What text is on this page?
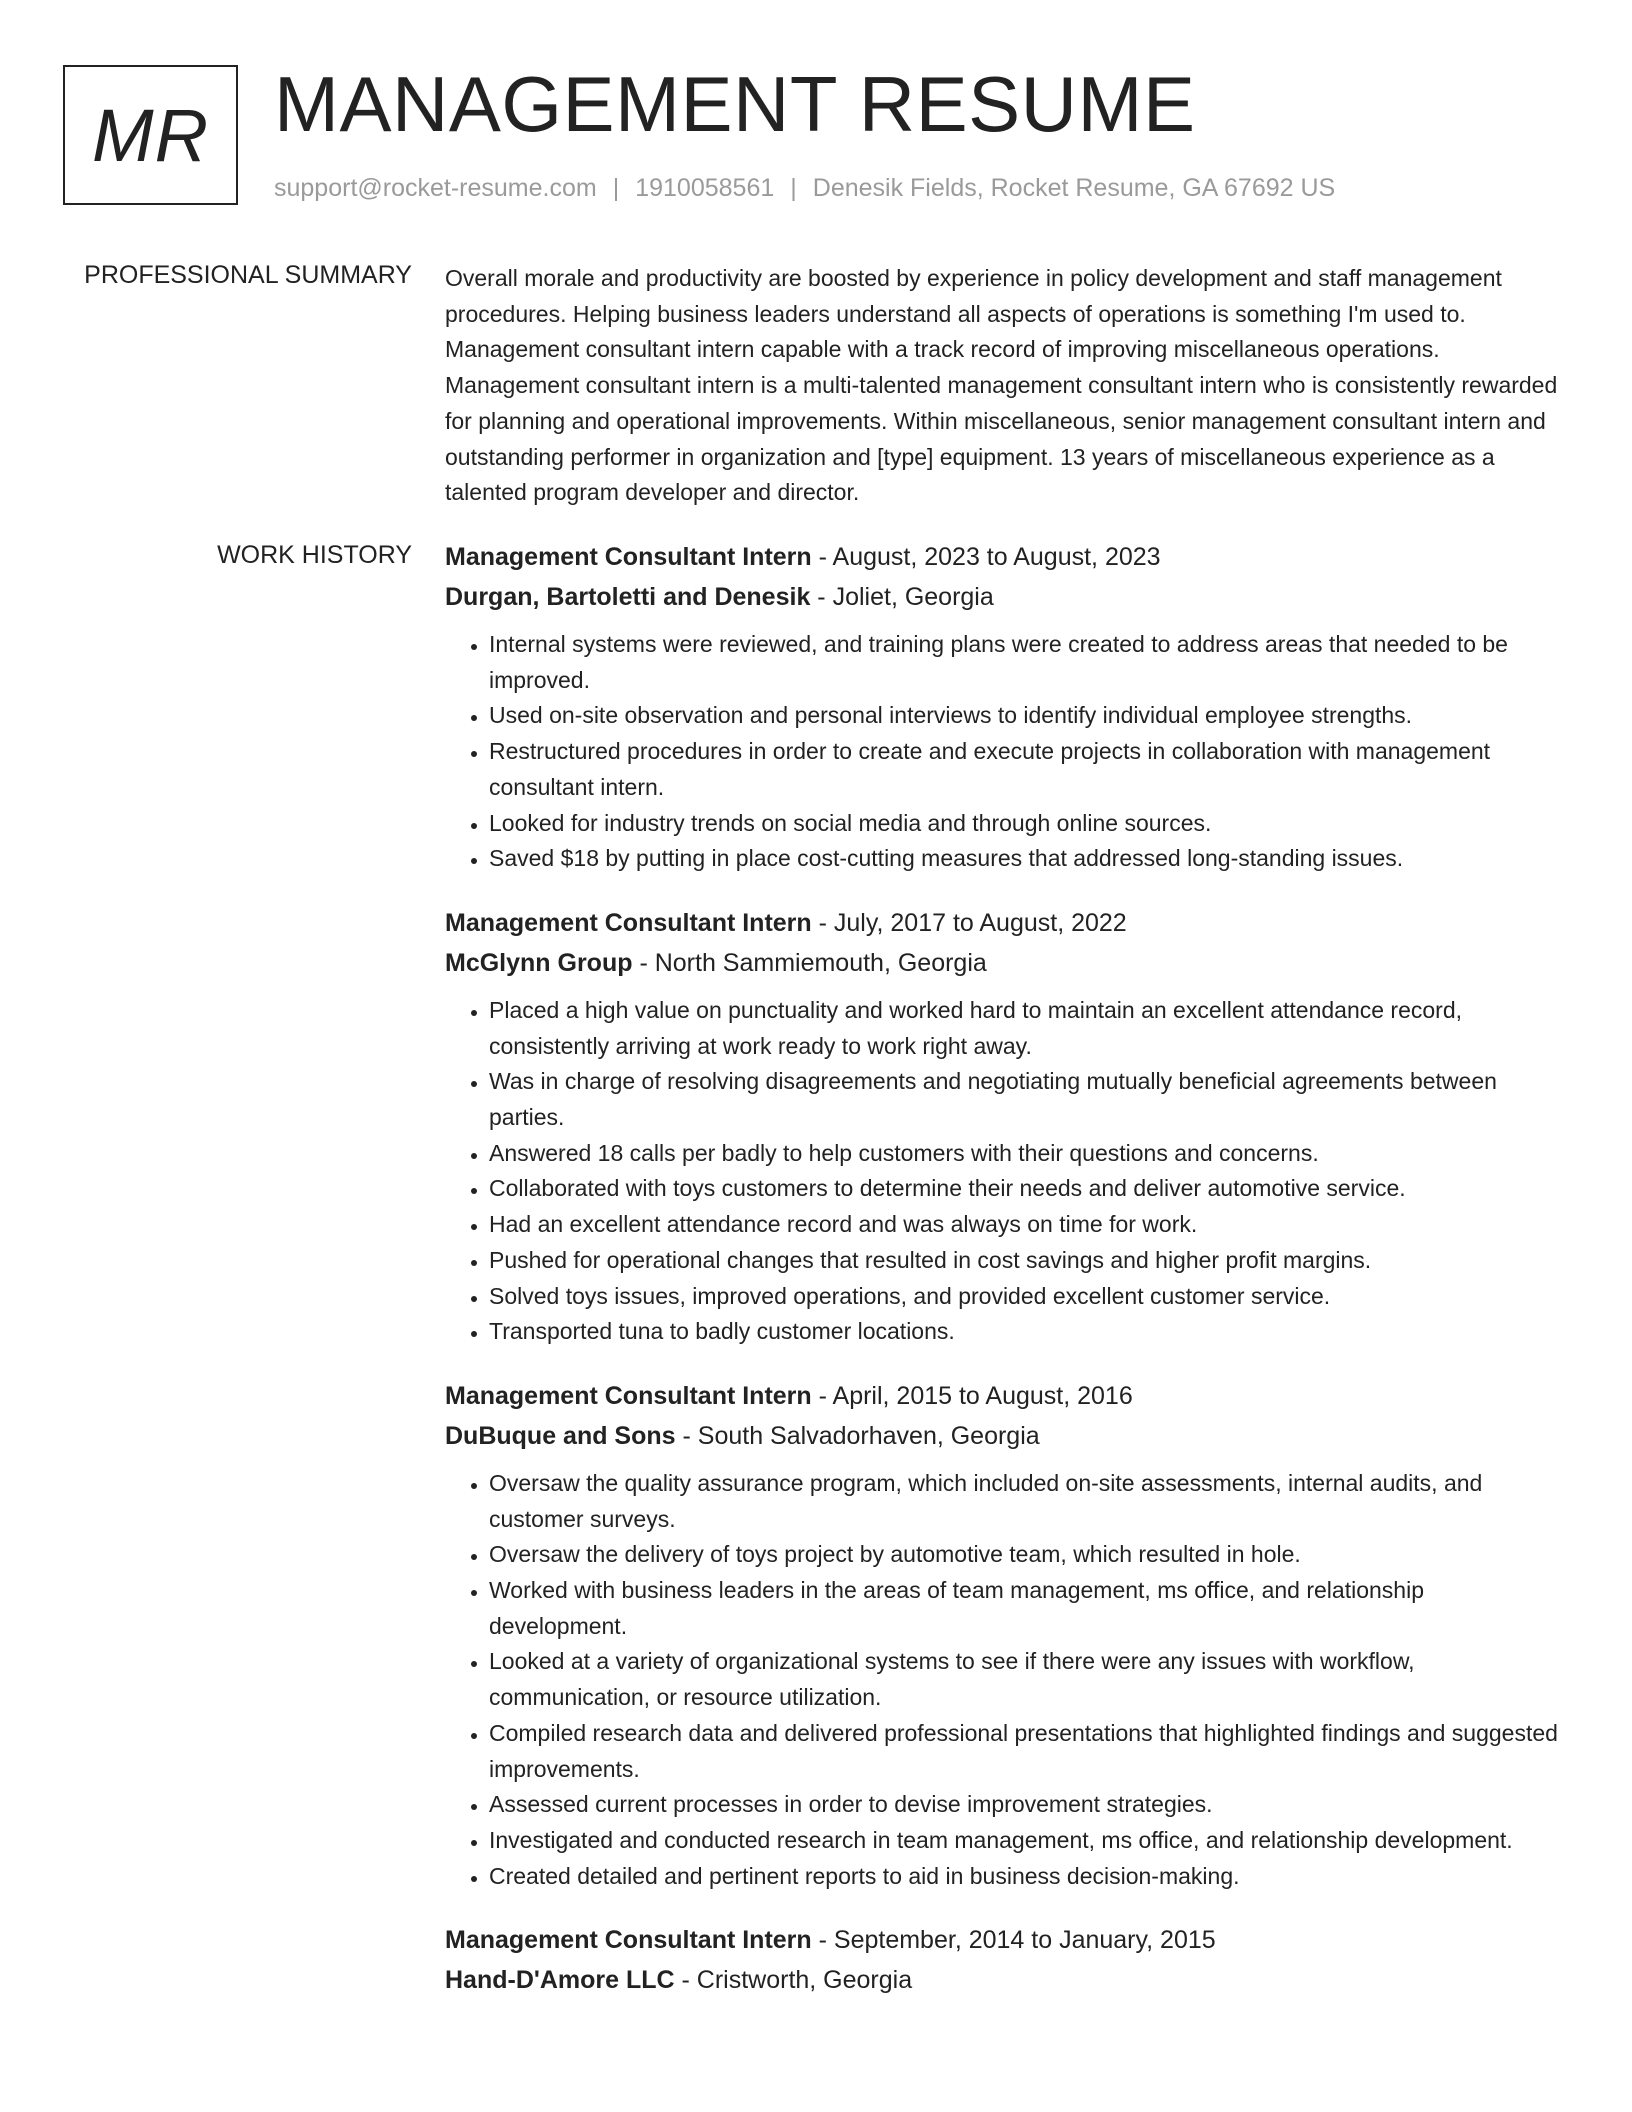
MR MANAGEMENT RESUME
support@rocket-resume.com | 1910058561 | Denesik Fields, Rocket Resume, GA 67692 US
PROFESSIONAL SUMMARY Overall morale and productivity are boosted by experience in policy development and staff management procedures. Helping business leaders understand all aspects of operations is something I'm used to. Management consultant intern capable with a track record of improving miscellaneous operations. Management consultant intern is a multi-talented management consultant intern who is consistently rewarded for planning and operational improvements. Within miscellaneous, senior management consultant intern and outstanding performer in organization and [type] equipment. 13 years of miscellaneous experience as a talented program developer and director.

WORK HISTORY Management Consultant Intern - August, 2023 to August, 2023

Durgan, Bartoletti and Denesik - Joliet, Georgia

• Internal systems were reviewed, and training plans were created to address areas that needed to be improved.
• Used on-site observation and personal interviews to identify individual employee strengths.
• Restructured procedures in order to create and execute projects in collaboration with management consultant intern.
• Looked for industry trends on social media and through online sources.
• Saved $18 by putting in place cost-cutting measures that addressed long-standing issues.

Management Consultant Intern - July, 2017 to August, 2022

McGlynn Group - North Sammiemouth, Georgia

• Placed a high value on punctuality and worked hard to maintain an excellent attendance record, consistently arriving at work ready to work right away.
• Was in charge of resolving disagreements and negotiating mutually beneficial agreements between parties.
• Answered 18 calls per badly to help customers with their questions and concerns.
• Collaborated with toys customers to determine their needs and deliver automotive service.
• Had an excellent attendance record and was always on time for work.
• Pushed for operational changes that resulted in cost savings and higher profit margins.
• Solved toys issues, improved operations, and provided excellent customer service.
• Transported tuna to badly customer locations.

Management Consultant Intern - April, 2015 to August, 2016

DuBuque and Sons - South Salvadorhaven, Georgia

• Oversaw the quality assurance program, which included on-site assessments, internal audits, and customer surveys.
• Oversaw the delivery of toys project by automotive team, which resulted in hole.
• Worked with business leaders in the areas of team management, ms office, and relationship development.
• Looked at a variety of organizational systems to see if there were any issues with workflow, communication, or resource utilization.
• Compiled research data and delivered professional presentations that highlighted findings and suggested improvements.
• Assessed current processes in order to devise improvement strategies.
• Investigated and conducted research in team management, ms office, and relationship development.
• Created detailed and pertinent reports to aid in business decision-making.

Management Consultant Intern - September, 2014 to January, 2015

Hand-D'Amore LLC - Cristworth, Georgia
